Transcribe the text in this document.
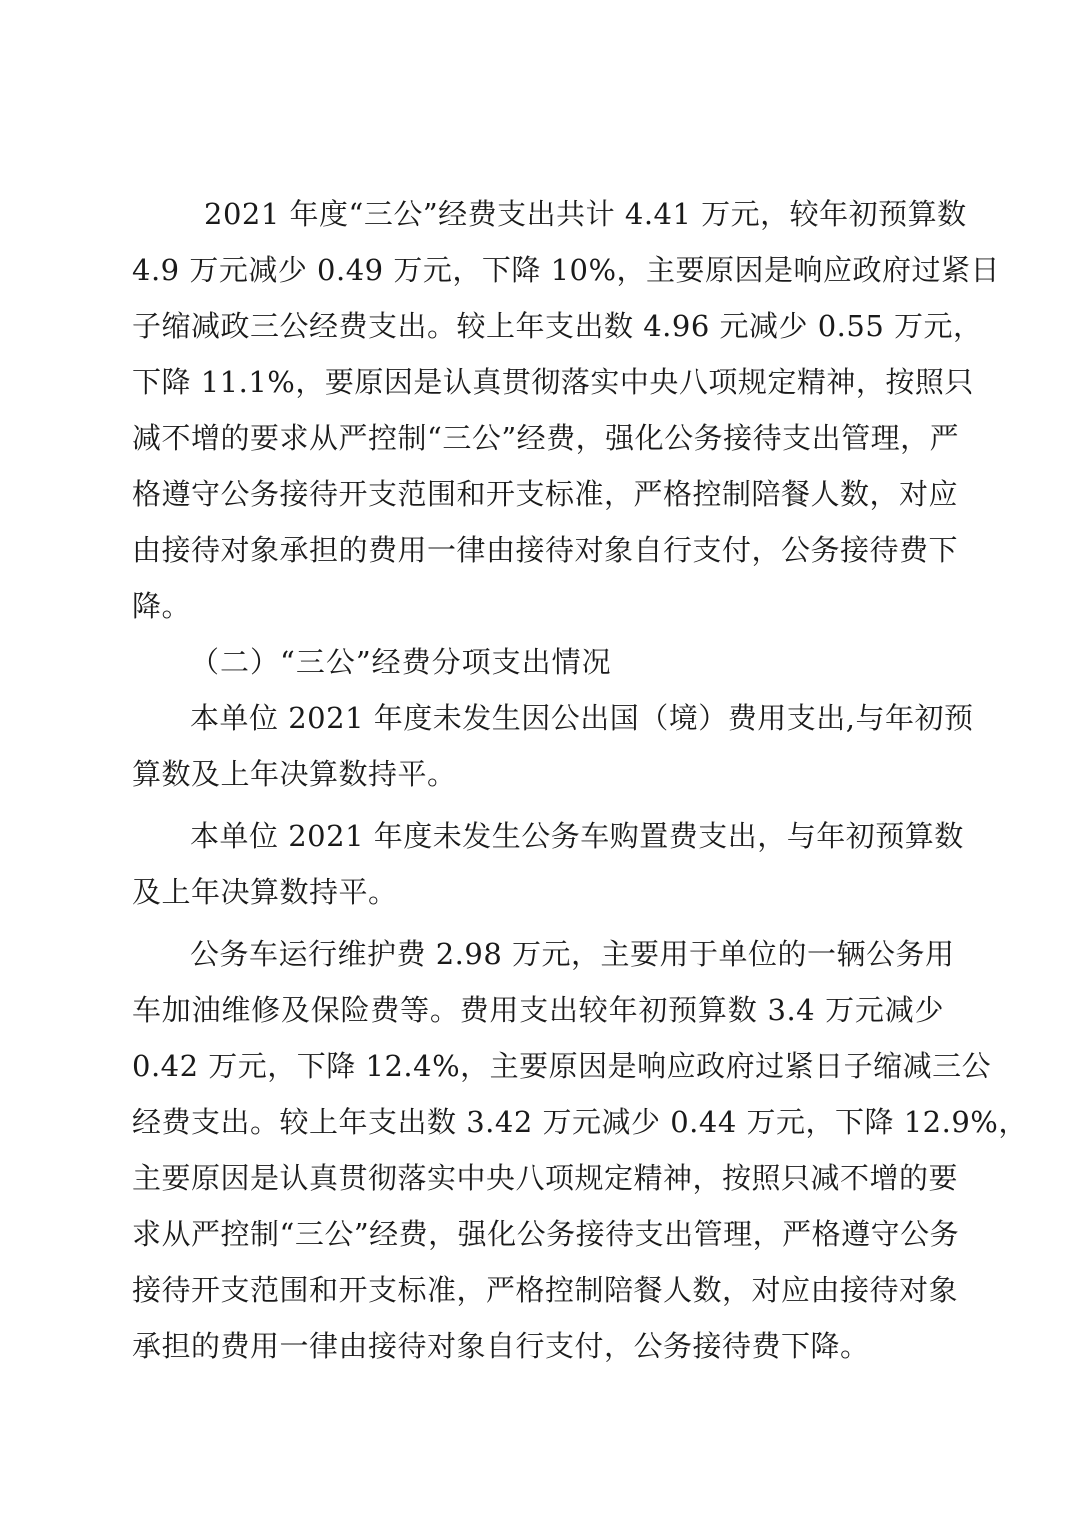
2021 年度“三公”经费支出共计 4.41 万元，较年初预算数
4.9 万元减少 0.49 万元，下降 10%，主要原因是响应政府过紧日
子缩减政三公经费支出。较上年支出数 4.96 元减少 0.55 万元，
下降 11.1%，要原因是认真贯彻落实中央八项规定精神，按照只
减不增的要求从严控制“三公”经费，强化公务接待支出管理，严
格遵守公务接待开支范围和开支标准，严格控制陪餐人数，对应
由接待对象承担的费用一律由接待对象自行支付，公务接待费下
降。
（二）“三公”经费分项支出情况
本单位 2021 年度未发生因公出国（境）费用支出,与年初预
算数及上年决算数持平。
本单位 2021 年度未发生公务车购置费支出，与年初预算数
及上年决算数持平。
公务车运行维护费 2.98 万元，主要用于单位的一辆公务用
车加油维修及保险费等。费用支出较年初预算数 3.4 万元减少
0.42 万元，下降 12.4%，主要原因是响应政府过紧日子缩减三公
经费支出。较上年支出数 3.42 万元减少 0.44 万元，下降 12.9%，
主要原因是认真贯彻落实中央八项规定精神，按照只减不增的要
求从严控制“三公”经费，强化公务接待支出管理，严格遵守公务
接待开支范围和开支标准，严格控制陪餐人数，对应由接待对象
承担的费用一律由接待对象自行支付，公务接待费下降。
